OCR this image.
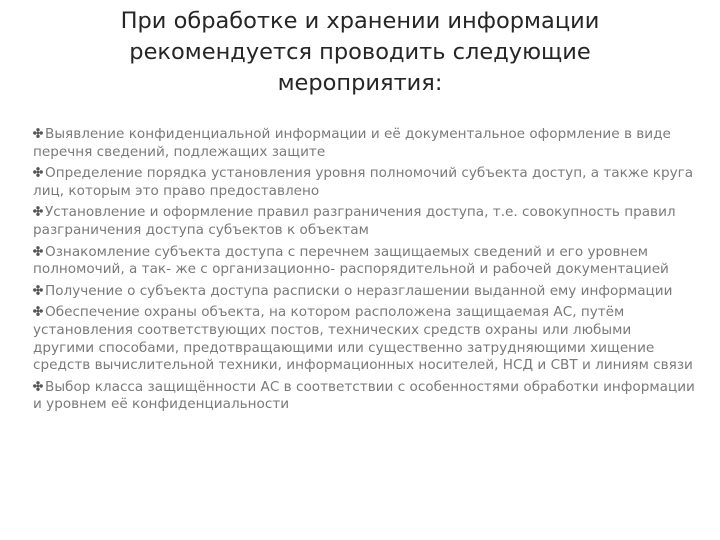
При обработке и хранении информации
рекомендуется проводить следующие
мероприятия:
Выявление конфиденциальной информации и её документальное оформление в виде перечня сведений, подлежащих защите
Определение порядка установления уровня полномочий субъекта доступ, а также круга лиц, которым это право предоставлено
Установление и оформление правил разграничения доступа, т.е. совокупность правил разграничения доступа субъектов к объектам
Ознакомление субъекта доступа с перечнем защищаемых сведений и его уровнем полномочий, а так- же с организационно- распорядительной и рабочей документацией
Получение о субъекта доступа расписки о неразглашении выданной ему информации
Обеспечение охраны объекта, на котором расположена защищаемая АС, путём установления соответствующих постов, технических средств охраны или любыми другими способами, предотвращающими или существенно затрудняющими хищение средств вычислительной техники, информационных носителей, НСД и СВТ и линиям связи
Выбор класса защищённости АС в соответствии с особенностями обработки информации и уровнем её конфиденциальности
